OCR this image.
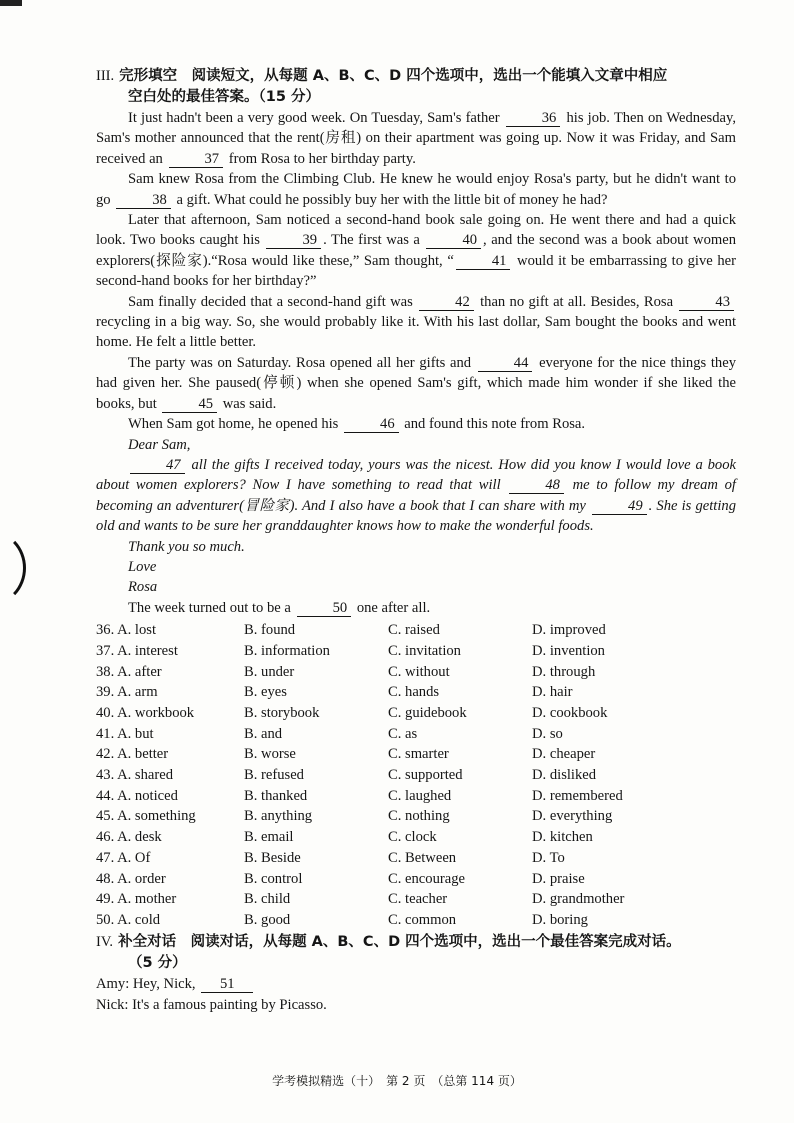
III. 完形填空　阅读短文，从每题 A、B、C、D 四个选项中，选出一个能填入文章中相应
空白处的最佳答案。（15 分）

It just hadn't been a very good week. On Tuesday, Sam's father	36 his job. Then on Wednesday, Sam's mother announced that the rent(房租) on their apartment was going up. Now it was Friday, and Sam received an	37 from Rosa to her birthday party.

Sam knew Rosa from the Climbing Club. He knew he would enjoy Rosa's party, but he didn't want to go	38 a gift. What could he possibly buy her with the little bit of money he had?

Later that afternoon, Sam noticed a second-hand book sale going on. He went there and had a quick look. Two books caught his	39 . The first was a	40 , and the second was a book about women explorers(探险家).“Rosa would like these,” Sam thought, “	41 would it be embarrassing to give her second-hand books for her birthday?”

Sam finally decided that a second-hand gift was	42 than no gift at all. Besides, Rosa	43 recycling in a big way. So, she would probably like it. With his last dollar, Sam bought the books and went home. He felt a little better.

The party was on Saturday. Rosa opened all her gifts and	44 everyone for the nice things they had given her. She paused(停顿) when she opened Sam's gift, which made him wonder if she liked the books, but	45 was said.

When Sam got home, he opened his	46 and found this note from Rosa.

Dear Sam,

47 all the gifts I received today, yours was the nicest. How did you know I would love a book about women explorers? Now I have something to read that will	48 me to follow my dream of becoming an adventurer(冒险家). And I also have a book that I can share with my	49 . She is getting old and wants to be sure her granddaughter knows how to make the wonderful foods.

Thank you so much.

Love

Rosa

The week turned out to be a	50 one after all.

36. A. lost	B. found	C. raised	D. improved
37. A. interest	B. information	C. invitation	D. invention
38. A. after	B. under	C. without	D. through
39. A. arm	B. eyes	C. hands	D. hair
40. A. workbook	B. storybook	C. guidebook	D. cookbook
41. A. but	B. and	C. as	D. so
42. A. better	B. worse	C. smarter	D. cheaper
43. A. shared	B. refused	C. supported	D. disliked
44. A. noticed	B. thanked	C. laughed	D. remembered
45. A. something	B. anything	C. nothing	D. everything
46. A. desk	B. email	C. clock	D. kitchen
47. A. Of	B. Beside	C. Between	D. To
48. A. order	B. control	C. encourage	D. praise
49. A. mother	B. child	C. teacher	D. grandmother
50. A. cold	B. good	C. common	D. boring
IV. 补全对话　阅读对话，从每题 A、B、C、D 四个选项中，选出一个最佳答案完成对话。
（5 分）
Amy: Hey, Nick, 51
Nick: It's a famous painting by Picasso.
学考模拟精选（十）　第 2 页　（总第 114 页）
